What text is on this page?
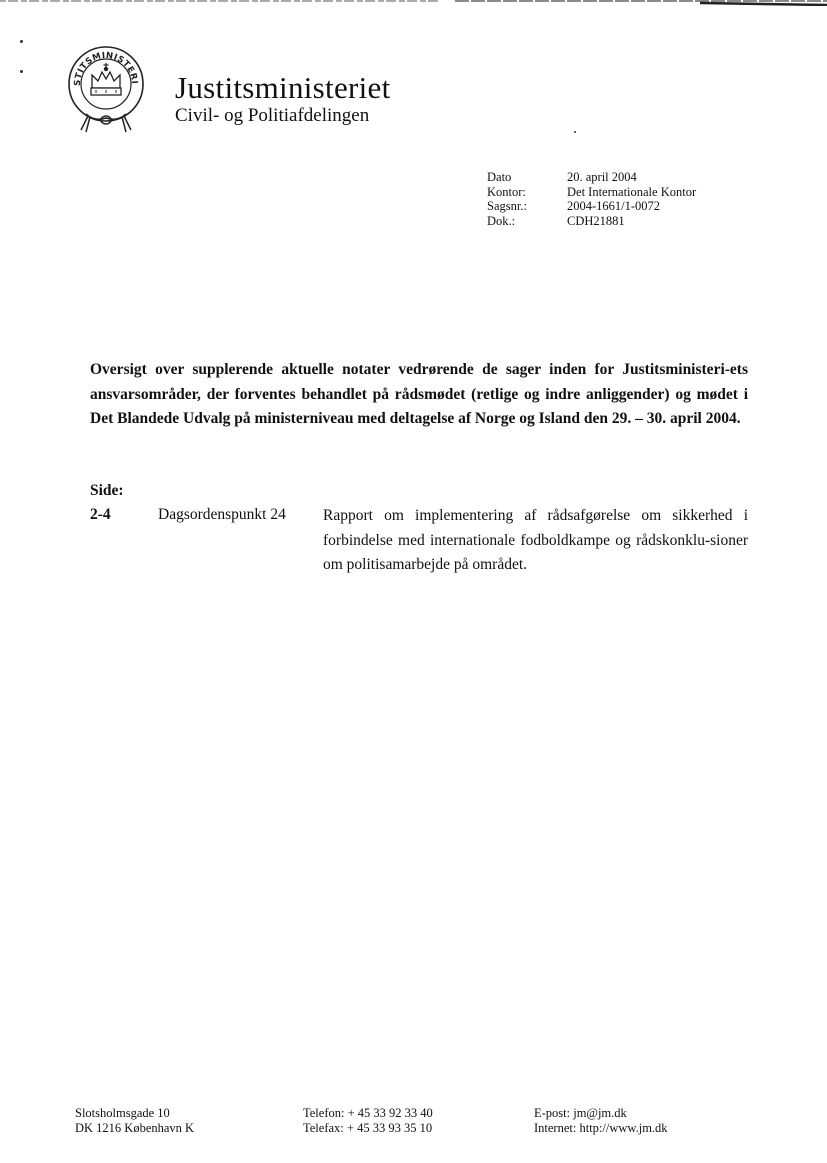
STITSMINISTERI Justitsministeriet
Civil- og Politiafdelingen
Dato	20. april 2004
Kontor:	Det Internationale Kontor
Sagsnr.:	2004-1661/1-0072
Dok.:	CDH21881
Oversigt over supplerende aktuelle notater vedrørende de sager inden for Justitsministeri-ets ansvarsområder, der forventes behandlet på rådsmødet (retlige og indre anliggender) og mødet i Det Blandede Udvalg på ministerniveau med deltagelse af Norge og Island den 29. – 30. april 2004.
Side:
2-4	Dagsordenspunkt 24 Rapport om implementering af rådsafgørelse om sikkerhed i forbindelse med internationale fodboldkampe og rådskonklu-sioner om politisamarbejde på området.
Slotsholmsgade 10
DK 1216 København K
Telefon: + 45 33 92 33 40
Telefax: + 45 33 93 35 10
E-post: jm@jm.dk
Internet: http://www.jm.dk
